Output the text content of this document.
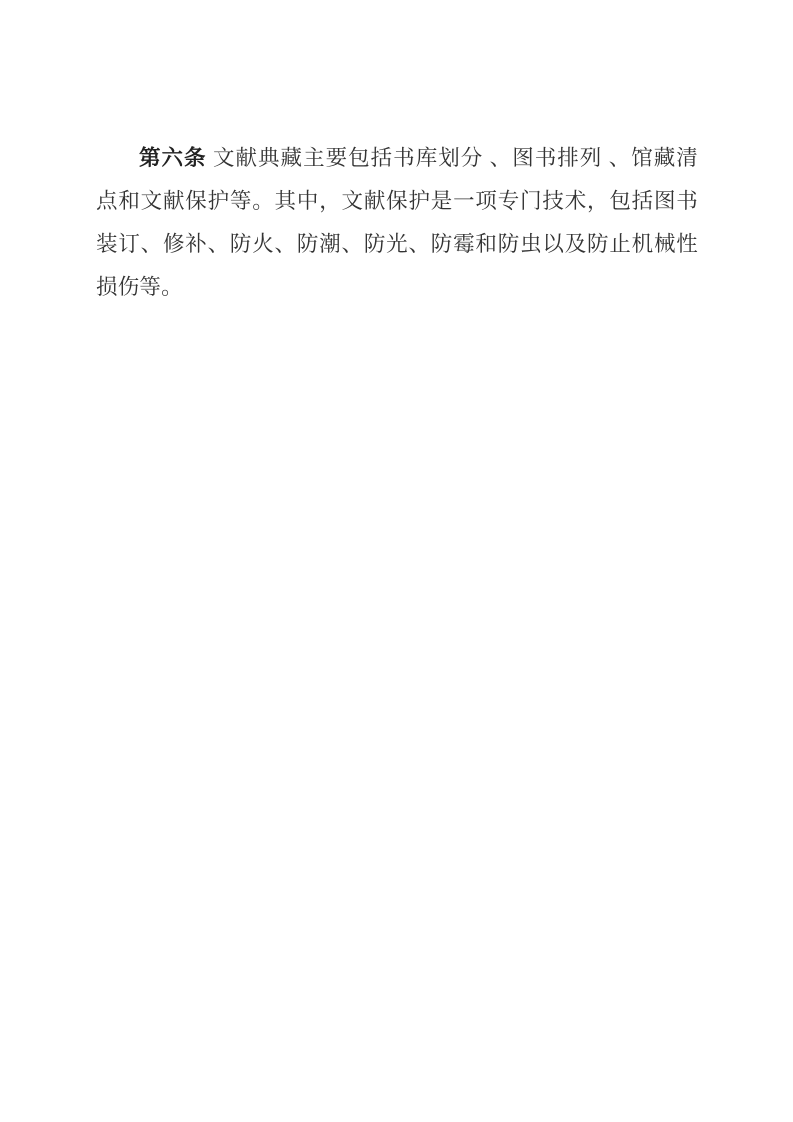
第六条 文献典藏主要包括书库划分 、图书排列 、馆藏清点和文献保护等。其中，文献保护是一项专门技术，包括图书装订、修补、防火、防潮、防光、防霉和防虫以及防止机械性损伤等。
